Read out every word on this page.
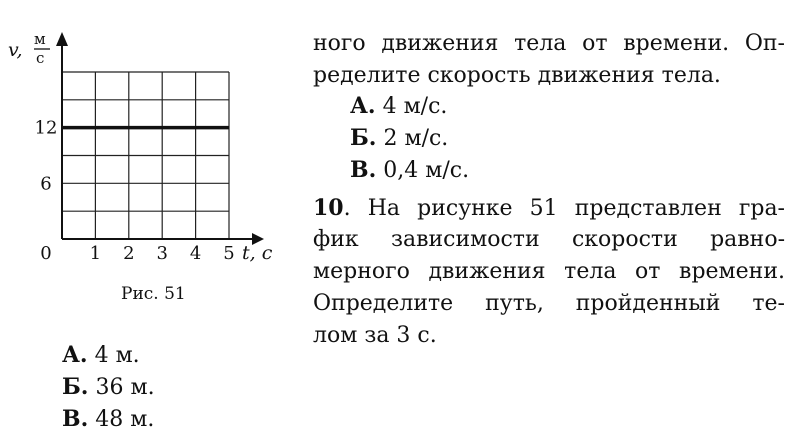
0 1 2 3 4 5
6
12
t, с
v, м
с
Рис. 51
А. 4 м.
Б. 36 м.
В. 48 м.
ного движения тела от времени. Оп-
ределите скорость движения тела.
А. 4 м/с.
Б. 2 м/с.
В. 0,4 м/с.
10. На рисунке 51 представлен гра-
фик зависимости скорости равно-
мерного движения тела от времени.
Определите путь, пройденный те-
лом за 3 с.
